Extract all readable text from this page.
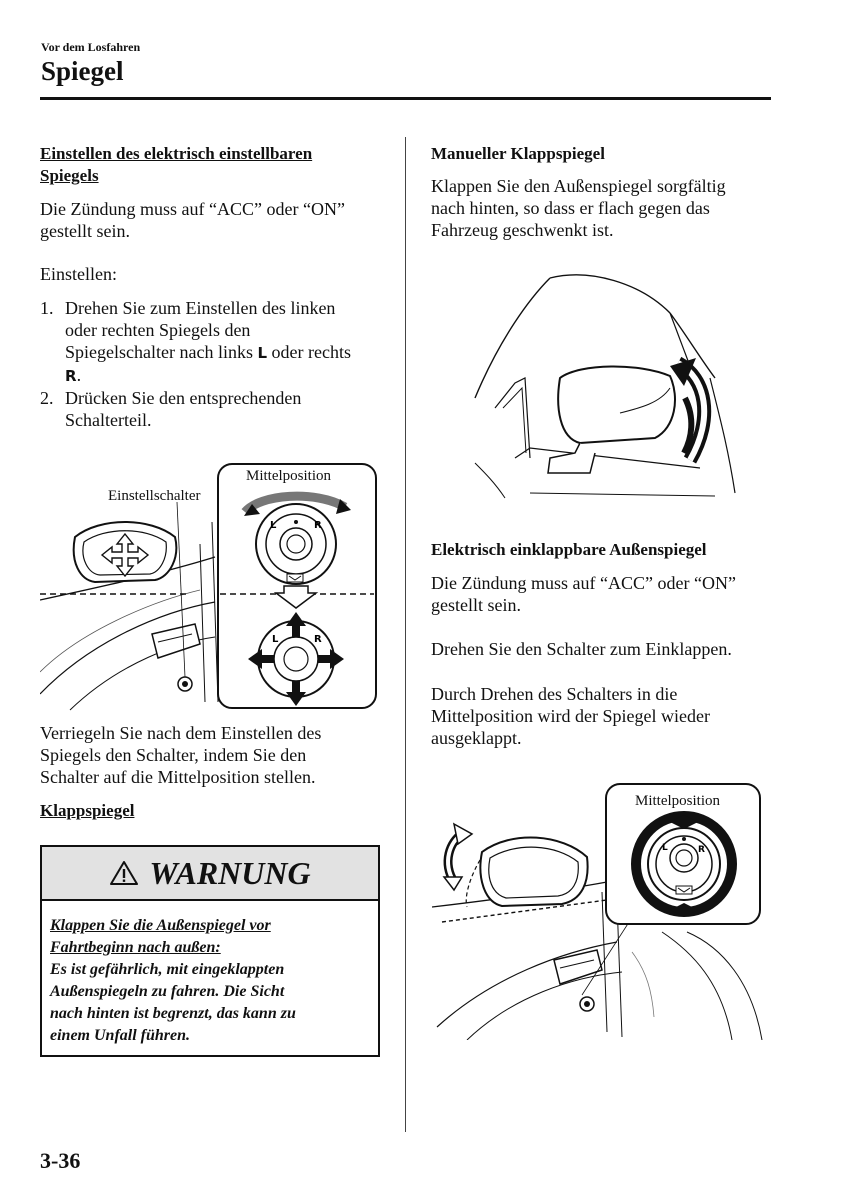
Vor dem Losfahren
Spiegel
Einstellen des elektrisch einstellbaren
Spiegels
Die Zündung muss auf “ACC” oder “ON”
gestellt sein.
Einstellen:
1. Drehen Sie zum Einstellen des linken
oder rechten Spiegels den
Spiegelschalter nach links L oder rechts
R.
2. Drücken Sie den entsprechenden
Schalterteil.
L	R
L	R
Einstellschalter
Mittelposition
Verriegeln Sie nach dem Einstellen des
Spiegels den Schalter, indem Sie den
Schalter auf die Mittelposition stellen.
Klappspiegel
WARNUNG
Klappen Sie die Außenspiegel vor
Fahrtbeginn nach außen:
Es ist gefährlich, mit eingeklappten
Außenspiegeln zu fahren. Die Sicht
nach hinten ist begrenzt, das kann zu
einem Unfall führen.
Manueller Klappspiegel
Klappen Sie den Außenspiegel sorgfältig
nach hinten, so dass er flach gegen das
Fahrzeug geschwenkt ist.
Elektrisch einklappbare Außenspiegel
Die Zündung muss auf “ACC” oder “ON”
gestellt sein.
Drehen Sie den Schalter zum Einklappen.
Durch Drehen des Schalters in die
Mittelposition wird der Spiegel wieder
ausgeklappt.
L	R
Mittelposition
3-36
